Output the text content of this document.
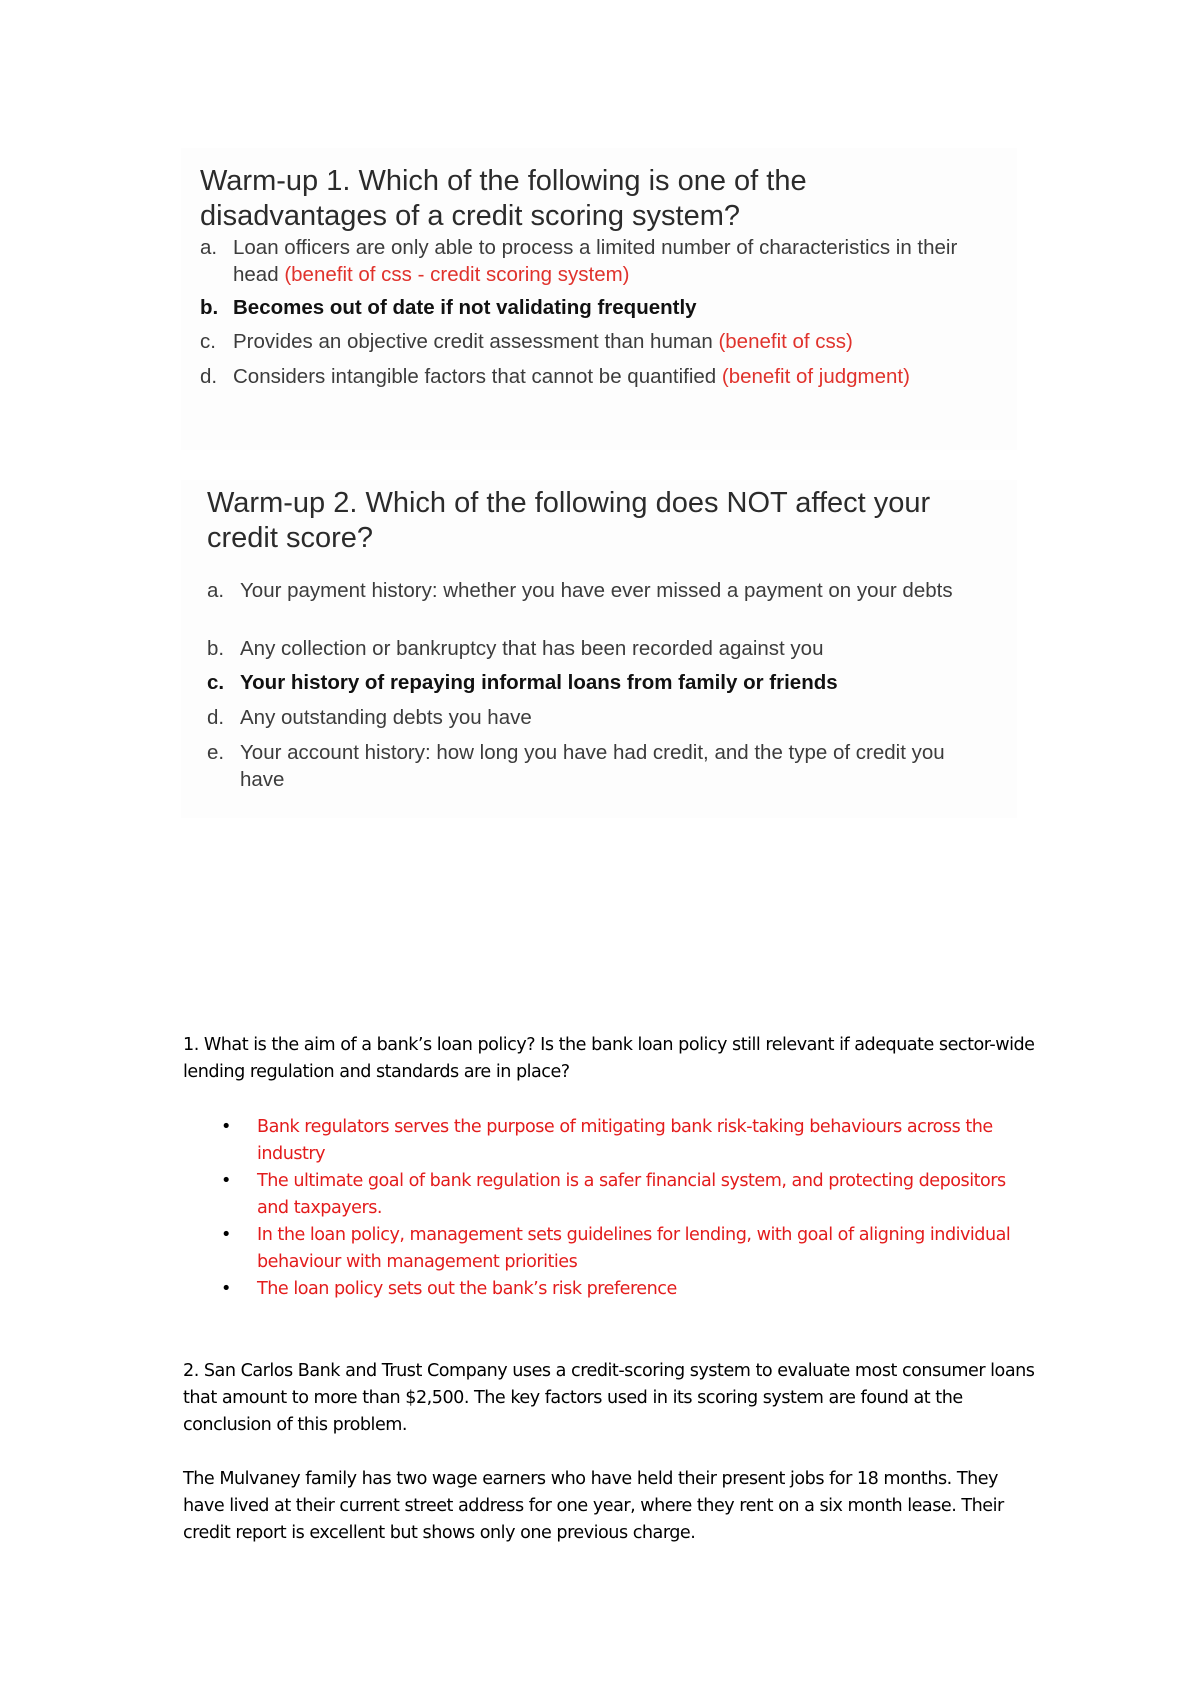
Warm-up 1. Which of the following is one of the disadvantages of a credit scoring system?
a. Loan officers are only able to process a limited number of characteristics in their head (benefit of css - credit scoring system)
b. Becomes out of date if not validating frequently
c. Provides an objective credit assessment than human (benefit of css)
d. Considers intangible factors that cannot be quantified (benefit of judgment)
Warm-up 2. Which of the following does NOT affect your credit score?
a. Your payment history: whether you have ever missed a payment on your debts
b. Any collection or bankruptcy that has been recorded against you
c. Your history of repaying informal loans from family or friends
d. Any outstanding debts you have
e. Your account history: how long you have had credit, and the type of credit you have

1. What is the aim of a bank’s loan policy? Is the bank loan policy still relevant if adequate sector-wide lending regulation and standards are in place?

• Bank regulators serves the purpose of mitigating bank risk-taking behaviours across the industry
• The ultimate goal of bank regulation is a safer financial system, and protecting depositors and taxpayers.
• In the loan policy, management sets guidelines for lending, with goal of aligning individual behaviour with management priorities
• The loan policy sets out the bank’s risk preference

2. San Carlos Bank and Trust Company uses a credit-scoring system to evaluate most consumer loans that amount to more than $2,500. The key factors used in its scoring system are found at the conclusion of this problem.

The Mulvaney family has two wage earners who have held their present jobs for 18 months. They have lived at their current street address for one year, where they rent on a six month lease. Their credit report is excellent but shows only one previous charge.
